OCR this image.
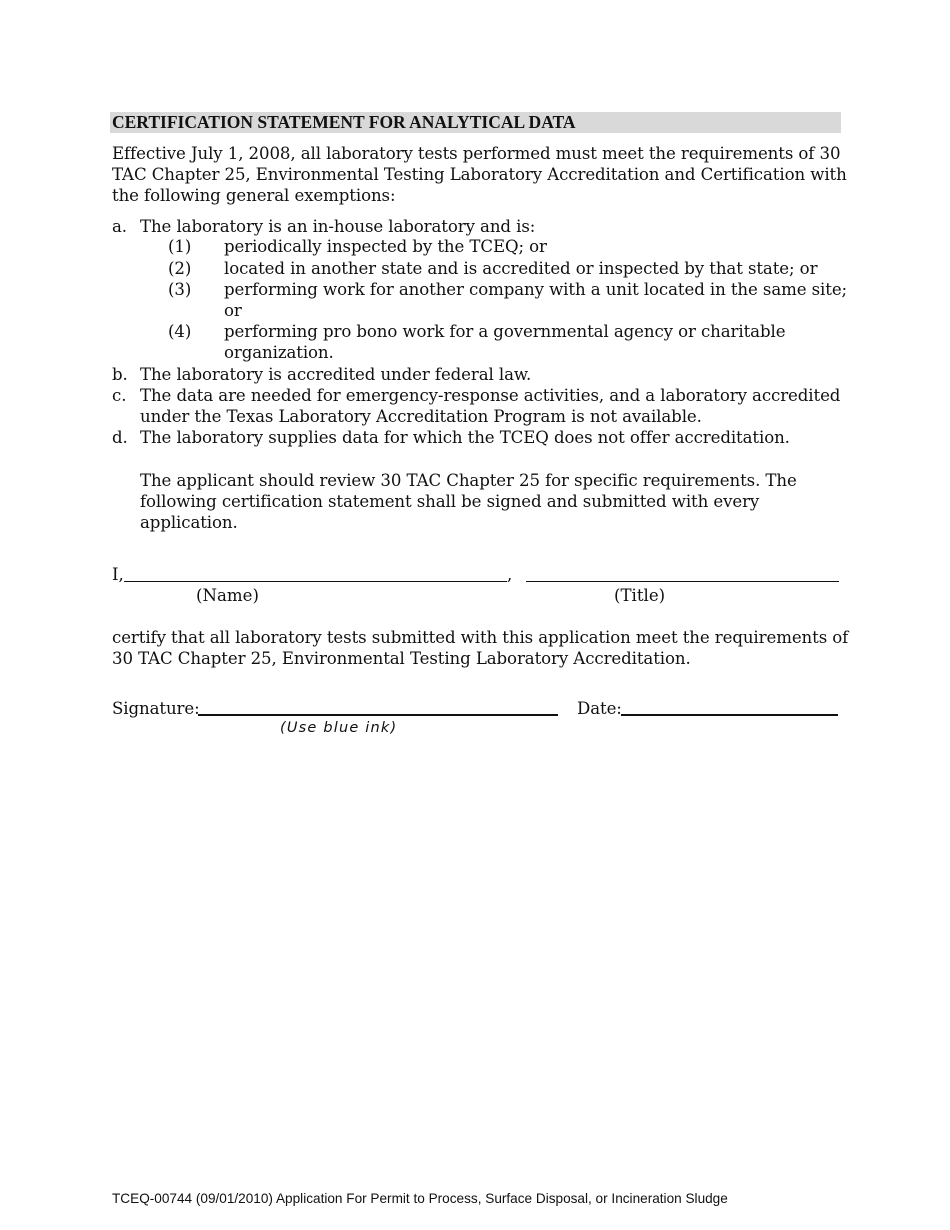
CERTIFICATION STATEMENT FOR ANALYTICAL DATA
Effective July 1, 2008, all laboratory tests performed must meet the requirements of 30
TAC Chapter 25, Environmental Testing Laboratory Accreditation and Certification with
the following general exemptions:
a. The laboratory is an in-house laboratory and is:
(1) periodically inspected by the TCEQ; or
(2) located in another state and is accredited or inspected by that state; or
(3) performing work for another company with a unit located in the same site;
or
(4) performing pro bono work for a governmental agency or charitable
organization.
b. The laboratory is accredited under federal law.
c. The data are needed for emergency-response activities, and a laboratory accredited
under the Texas Laboratory Accreditation Program is not available.
d. The laboratory supplies data for which the TCEQ does not offer accreditation.
The applicant should review 30 TAC Chapter 25 for specific requirements. The
following certification statement shall be signed and submitted with every
application.
I,	,
(Name)	(Title)
certify that all laboratory tests submitted with this application meet the requirements of
30 TAC Chapter 25, Environmental Testing Laboratory Accreditation.
Signature:	Date:
(Use blue ink)
TCEQ-00744 (09/01/2010) Application For Permit to Process, Surface Disposal, or Incineration Sludge
